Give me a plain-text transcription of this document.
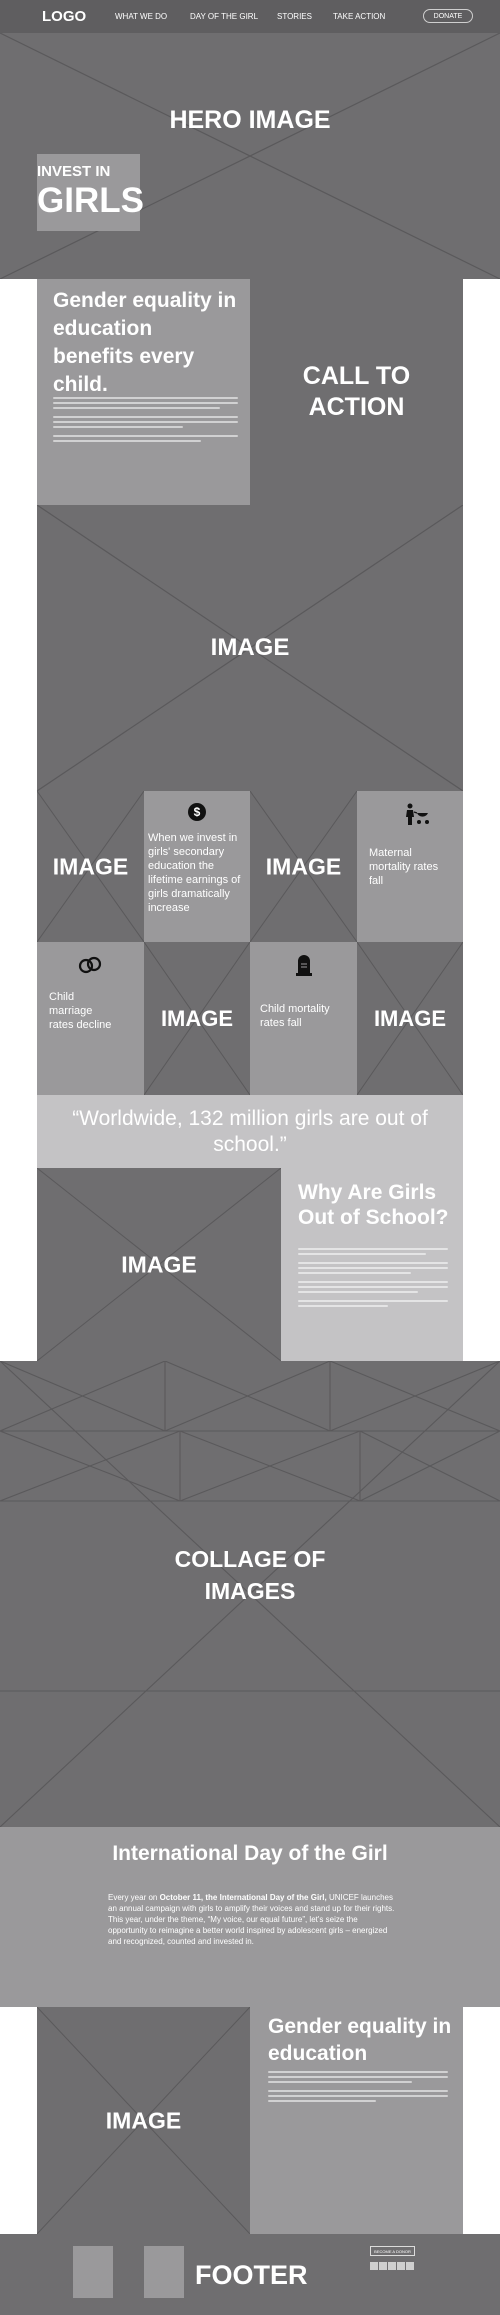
LOGO	WHAT WE DO	DAY OF THE GIRL STORIES	TAKE ACTION	DONATE
HERO IMAGE
INVEST IN
GIRLS
Gender equality in education benefits every child.	CALL TO ACTION
IMAGE
IMAGE
$
When we invest in girls' secondary education the lifetime earnings of girls dramatically increase
IMAGE	Maternal mortality rates fall
Child marriage rates decline	IMAGE	Child mortality rates fall	IMAGE
“Worldwide, 132 million girls are out of school.”
IMAGE
Why Are Girls Out of School?
COLLAGE OF IMAGES
International Day of the Girl
Every year on October 11, the International Day of the Girl, UNICEF launches an annual campaign with girls to amplify their voices and stand up for their rights.
This year, under the theme, “My voice, our equal future”, let's seize the opportunity to reimagine a better world inspired by adolescent girls – energized and recognized, counted and invested in.
IMAGE
Gender equality in education
FOOTER
BECOME A DONOR
